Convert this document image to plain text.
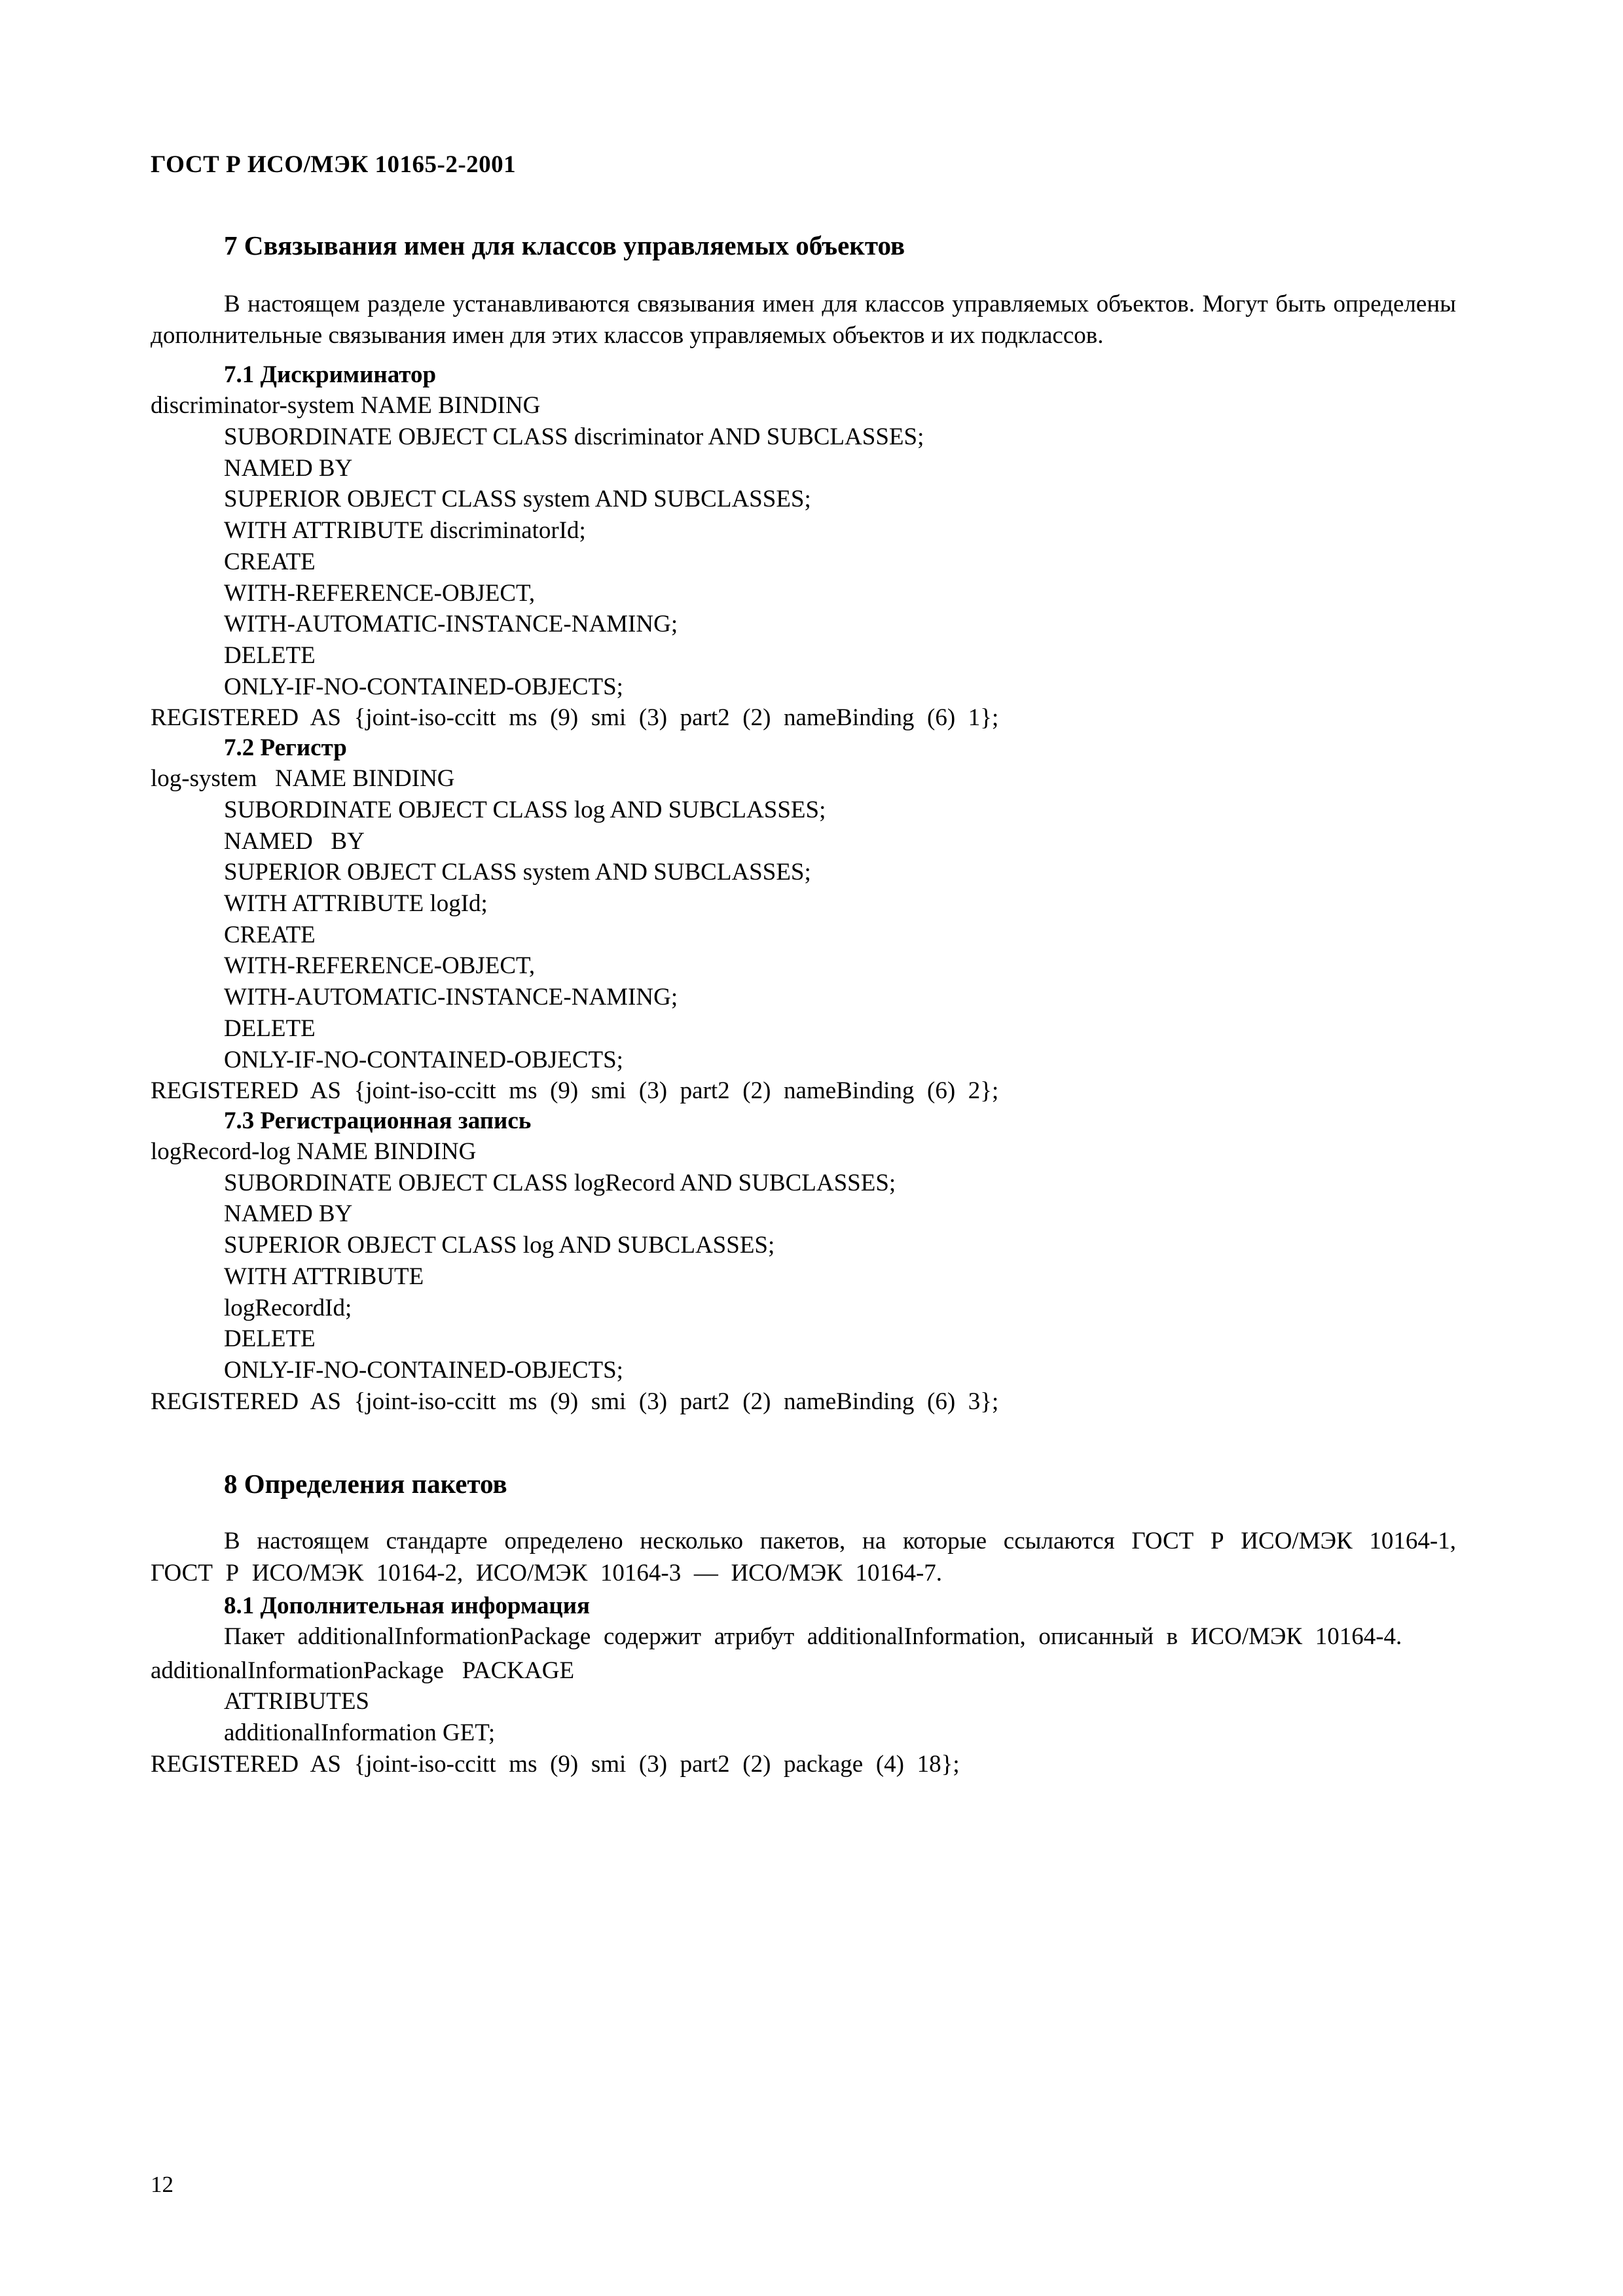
ГОСТ Р ИСО/МЭК 10165-2-2001
7 Связывания имен для классов управляемых объектов

В настоящем разделе устанавливаются связывания имен для классов управляемых объектов. Могут быть определены дополнительные связывания имен для этих классов управляемых объектов и их подклассов.

7.1 Дискриминатор
discriminator-system NAME BINDING
SUBORDINATE OBJECT CLASS discriminator AND SUBCLASSES;
NAMED BY
SUPERIOR OBJECT CLASS system AND SUBCLASSES;
WITH ATTRIBUTE discriminatorId;
CREATE
WITH-REFERENCE-OBJECT,
WITH-AUTOMATIC-INSTANCE-NAMING;
DELETE
ONLY-IF-NO-CONTAINED-OBJECTS;
REGISTERED AS {joint-iso-ccitt ms (9) smi (3) part2 (2) nameBinding (6) 1};
7.2 Регистр
log-system   NAME BINDING
SUBORDINATE OBJECT CLASS log AND SUBCLASSES;
NAMED   BY
SUPERIOR OBJECT CLASS system AND SUBCLASSES;
WITH ATTRIBUTE logId;
CREATE
WITH-REFERENCE-OBJECT,
WITH-AUTOMATIC-INSTANCE-NAMING;
DELETE
ONLY-IF-NO-CONTAINED-OBJECTS;
REGISTERED AS {joint-iso-ccitt ms (9) smi (3) part2 (2) nameBinding (6) 2};
7.3 Регистрационная запись
logRecord-log NAME BINDING
SUBORDINATE OBJECT CLASS logRecord AND SUBCLASSES;
NAMED BY
SUPERIOR OBJECT CLASS log AND SUBCLASSES;
WITH ATTRIBUTE
logRecordId;
DELETE
ONLY-IF-NO-CONTAINED-OBJECTS;
REGISTERED AS {joint-iso-ccitt ms (9) smi (3) part2 (2) nameBinding (6) 3};
8 Определения пакетов

В настоящем стандарте определено несколько пакетов, на которые ссылаются ГОСТ Р ИСО/МЭК 10164-1, ГОСТ Р ИСО/МЭК 10164-2, ИСО/МЭК 10164-3 — ИСО/МЭК 10164-7.

8.1 Дополнительная информация

Пакет additionalInformationPackage содержит атрибут additionalInformation, описанный в ИСО/МЭК 10164-4.

additionalInformationPackage   PACKAGE
ATTRIBUTES
additionalInformation GET;
REGISTERED AS {joint-iso-ccitt ms (9) smi (3) part2 (2) package (4) 18};
12
